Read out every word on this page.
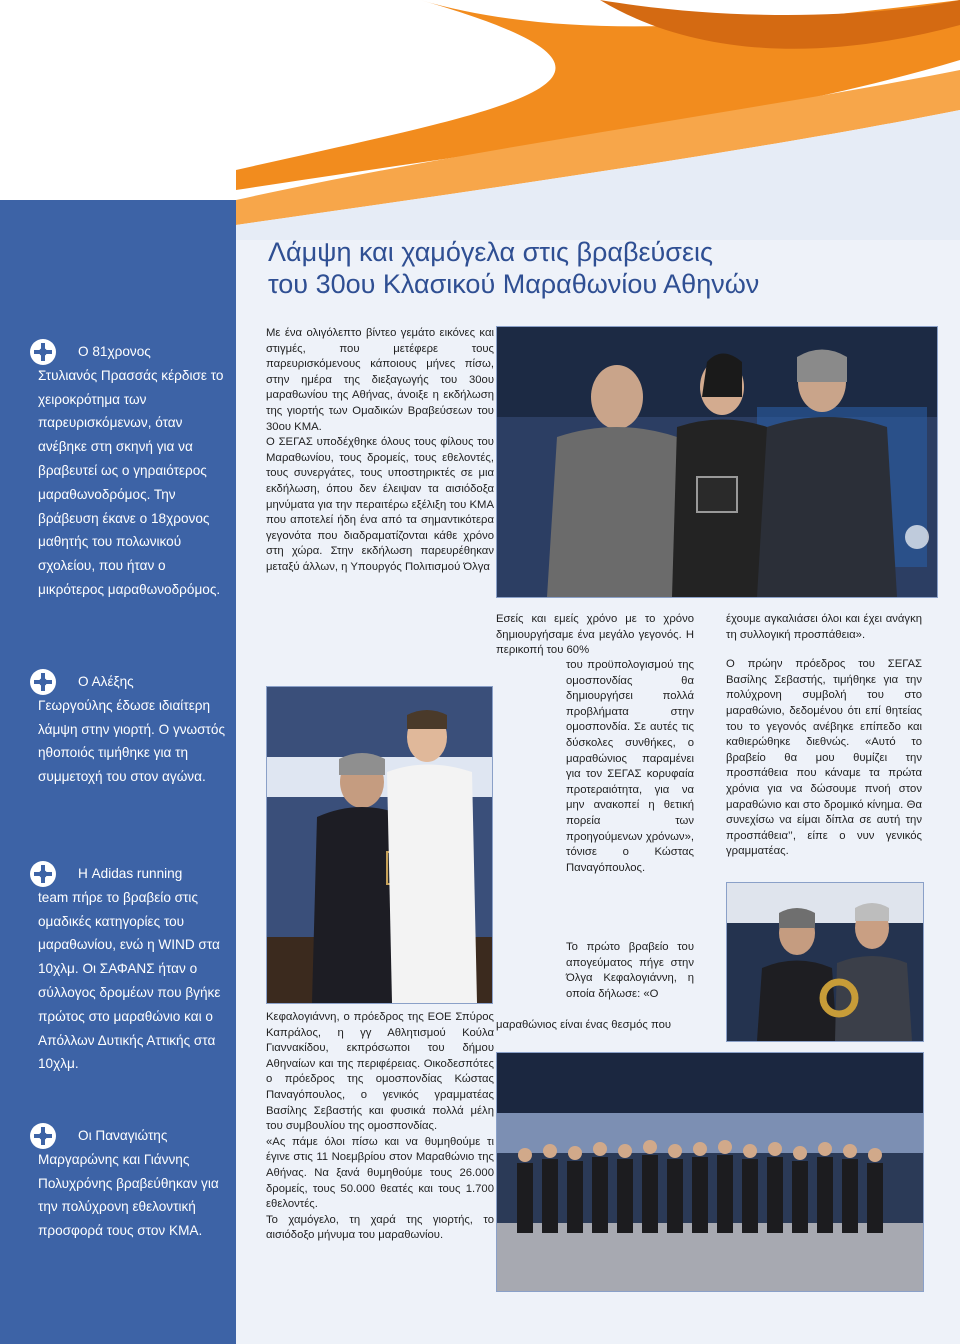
Λάμψη και χαμόγελα στις βραβεύσεις
του 30ου Κλασικού Μαραθωνίου Αθηνών

Ο 81χρονος
Στυλιανός Πρασσάς κέρδισε το χειροκρότημα των παρευρισκόμενων, όταν ανέβηκε στη σκηνή για να βραβευτεί ως ο γηραιότερος μαραθωνοδρόμος. Την βράβευση έκανε ο 18χρονος μαθητής του πολωνικού σχολείου, που ήταν ο μικρότερος μαραθωνοδρόμος.

Ο Αλέξης
Γεωργούλης έδωσε ιδιαίτερη λάμψη στην γιορτή. Ο γνωστός ηθοποιός τιμήθηκε για τη συμμετοχή του στον αγώνα.

Η Adidas running
team πήρε το βραβείο στις ομαδικές κατηγορίες του μαραθωνίου, ενώ η WIND στα 10χλμ. Οι ΣΑΦΑΝΣ ήταν ο σύλλογος δρομέων που βγήκε πρώτος στο μαραθώνιο και ο Απόλλων Δυτικής Αττικής στα 10χλμ.

Οι Παναγιώτης
Μαργαρώνης και Γιάννης Πολυχρόνης βραβεύθηκαν για την πολύχρονη εθελοντική προσφορά τους στον ΚΜΑ.

Με ένα ολιγόλεπτο βίντεο γεμάτο εικόνες και στιγμές, που μετέφερε τους παρευρισκόμενους κάποιους μήνες πίσω, στην ημέρα της διεξαγωγής του 30ου μαραθωνίου της Αθήνας, άνοιξε η εκδήλωση της γιορτής των Ομαδικών Βραβεύσεων του 30ου ΚΜΑ.

Ο ΣΕΓΑΣ υποδέχθηκε όλους τους φίλους του Μαραθωνίου, τους δρομείς, τους εθελοντές, τους συνεργάτες, τους υποστηρικτές σε μια εκδήλωση, όπου δεν έλειψαν τα αισιόδοξα μηνύματα για την περαιτέρω εξέλιξη του ΚΜΑ που αποτελεί ήδη ένα από τα σημαντικότερα γεγονότα που διαδραματίζονται κάθε χρόνο στη χώρα. Στην εκδήλωση παρευρέθηκαν μεταξύ άλλων, η Υπουργός Πολιτισμού Όλγα

Εσείς και εμείς χρόνο με το χρόνο δημιουργήσαμε ένα μεγάλο γεγονός. Η περικοπή του 60%

του προϋπολογισμού της ομοσπονδίας θα δημιουργήσει πολλά προβλήματα στην ομοσπονδία. Σε αυτές τις δύσκολες συνθήκες, ο μαραθώνιος παραμένει για τον ΣΕΓΑΣ κορυφαία προτεραιότητα, για να μην ανακοπεί η θετική πορεία των προηγούμενων χρόνων», τόνισε ο Κώστας Παναγόπουλος.

Το πρώτο βραβείο του απογεύματος πήγε στην Όλγα Κεφαλογιάννη, η οποία δήλωσε: «Ο

μαραθώνιος είναι ένας θεσμός που

έχουμε αγκαλιάσει όλοι και έχει ανάγκη τη συλλογική προσπάθεια».

Ο πρώην πρόεδρος του ΣΕΓΑΣ Βασίλης Σεβαστής, τιμήθηκε για την πολύχρονη συμβολή του στο μαραθώνιο, δεδομένου ότι επί θητείας του το γεγονός ανέβηκε επίπεδο και καθιερώθηκε διεθνώς. «Αυτό το βραβείο θα μου θυμίζει την προσπάθεια που κάναμε τα πρώτα χρόνια για να δώσουμε πνοή στον μαραθώνιο και στο δρομικό κίνημα. Θα συνεχίσω να είμαι δίπλα σε αυτή την προσπάθεια’’, είπε ο νυν γενικός γραμματέας.

Κεφαλογιάννη, ο πρόεδρος της ΕΟΕ Σπύρος Καπράλος, η γγ Αθλητισμού Κούλα Γιαννακίδου, εκπρόσωποι του δήμου Αθηναίων και της περιφέρειας. Οικοδεσπότες ο πρόεδρος της ομοσπονδίας Κώστας Παναγόπουλος, ο γενικός γραμματέας Βασίλης Σεβαστής και φυσικά πολλά μέλη του συμβουλίου της ομοσπονδίας.

«Ας πάμε όλοι πίσω και να θυμηθούμε τι έγινε στις 11 Νοεμβρίου στον Μαραθώνιο της Αθήνας. Να ξανά θυμηθούμε τους 26.000 δρομείς, τους 50.000 θεατές και τους 1.700 εθελοντές.

Το χαμόγελο, τη χαρά της γιορτής, το αισιόδοξο μήνυμα του μαραθωνίου.
